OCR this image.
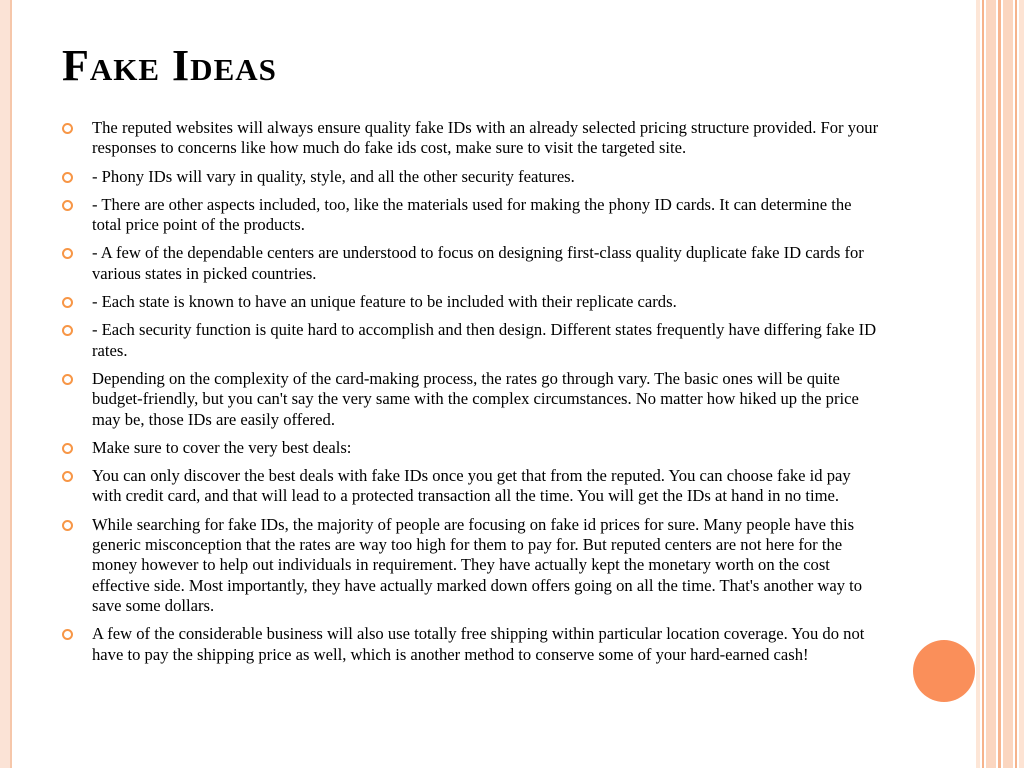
Fake Ideas
The reputed websites will always ensure quality fake IDs with an already selected pricing structure provided. For your responses to concerns like how much do fake ids cost, make sure to visit the targeted site.
- Phony IDs will vary in quality, style, and all the other security features.
- There are other aspects included, too, like the materials used for making the phony ID cards. It can determine the total price point of the products.
- A few of the dependable centers are understood to focus on designing first-class quality duplicate fake ID cards for various states in picked countries.
- Each state is known to have an unique feature to be included with their replicate cards.
- Each security function is quite hard to accomplish and then design. Different states frequently have differing fake ID rates.
Depending on the complexity of the card-making process, the rates go through vary. The basic ones will be quite budget-friendly, but you can't say the very same with the complex circumstances. No matter how hiked up the price may be, those IDs are easily offered.
Make sure to cover the very best deals:
You can only discover the best deals with fake IDs once you get that from the reputed. You can choose fake id pay with credit card, and that will lead to a protected transaction all the time. You will get the IDs at hand in no time.
While searching for fake IDs, the majority of people are focusing on fake id prices for sure. Many people have this generic misconception that the rates are way too high for them to pay for. But reputed centers are not here for the money however to help out individuals in requirement. They have actually kept the monetary worth on the cost effective side. Most importantly, they have actually marked down offers going on all the time. That's another way to save some dollars.
A few of the considerable business will also use totally free shipping within particular location coverage. You do not have to pay the shipping price as well, which is another method to conserve some of your hard-earned cash!
